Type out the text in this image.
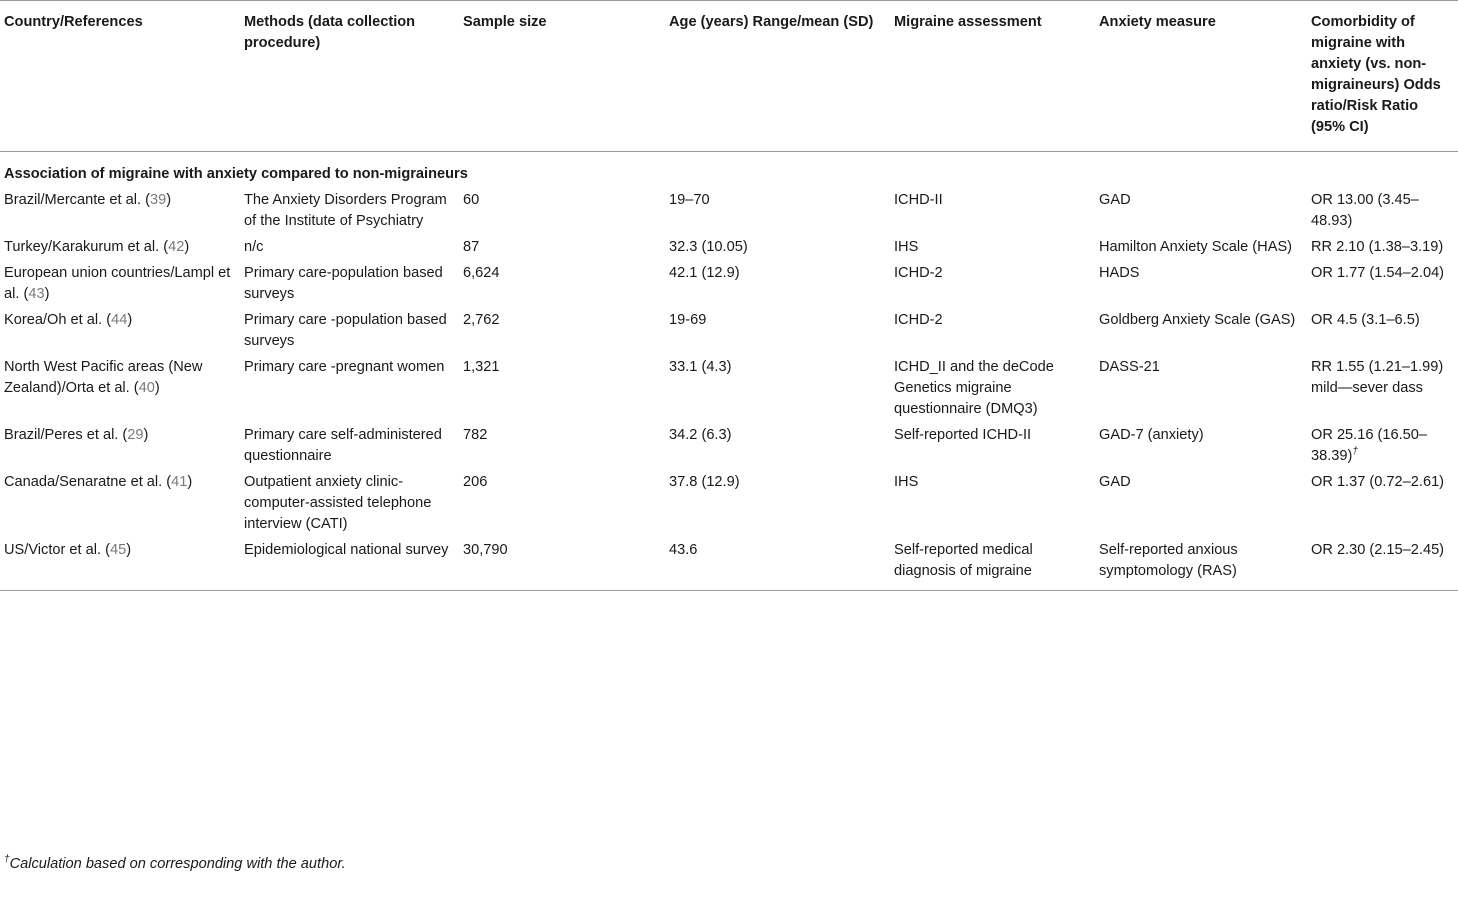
Country/References	Methods (data collection procedure)	Sample size	Age (years) Range/mean (SD)	Migraine assessment	Anxiety measure	Comorbidity of migraine with anxiety (vs. non-migraineurs) Odds ratio/Risk Ratio (95% CI)
Association of migraine with anxiety compared to non-migraineurs						
Brazil/Mercante et al. (39)	The Anxiety Disorders Program of the Institute of Psychiatry	60	19–70	ICHD-II	GAD	OR 13.00 (3.45–48.93)
Turkey/Karakurum et al. (42)	n/c	87	32.3 (10.05)	IHS	Hamilton Anxiety Scale (HAS)	RR 2.10 (1.38–3.19)
European union countries/Lampl et al. (43)	Primary care-population based surveys	6,624	42.1 (12.9)	ICHD-2	HADS	OR 1.77 (1.54–2.04)
Korea/Oh et al. (44)	Primary care -population based surveys	2,762	19-69	ICHD-2	Goldberg Anxiety Scale (GAS)	OR 4.5 (3.1–6.5)
North West Pacific areas (New Zealand)/Orta et al. (40)	Primary care -pregnant women	1,321	33.1 (4.3)	ICHD_II and the deCode Genetics migraine questionnaire (DMQ3)	DASS-21	RR 1.55 (1.21–1.99) mild—sever dass
Brazil/Peres et al. (29)	Primary care self-administered questionnaire	782	34.2 (6.3)	Self-reported ICHD-II	GAD-7 (anxiety)	OR 25.16 (16.50–38.39)†
Canada/Senaratne et al. (41)	Outpatient anxiety clinic-computer-assisted telephone interview (CATI)	206	37.8 (12.9)	IHS	GAD	OR 1.37 (0.72–2.61)
US/Victor et al. (45)	Epidemiological national survey	30,790	43.6	Self-reported medical diagnosis of migraine	Self-reported anxious symptomology (RAS)	OR 2.30 (2.15–2.45)
†Calculation based on corresponding with the author.
